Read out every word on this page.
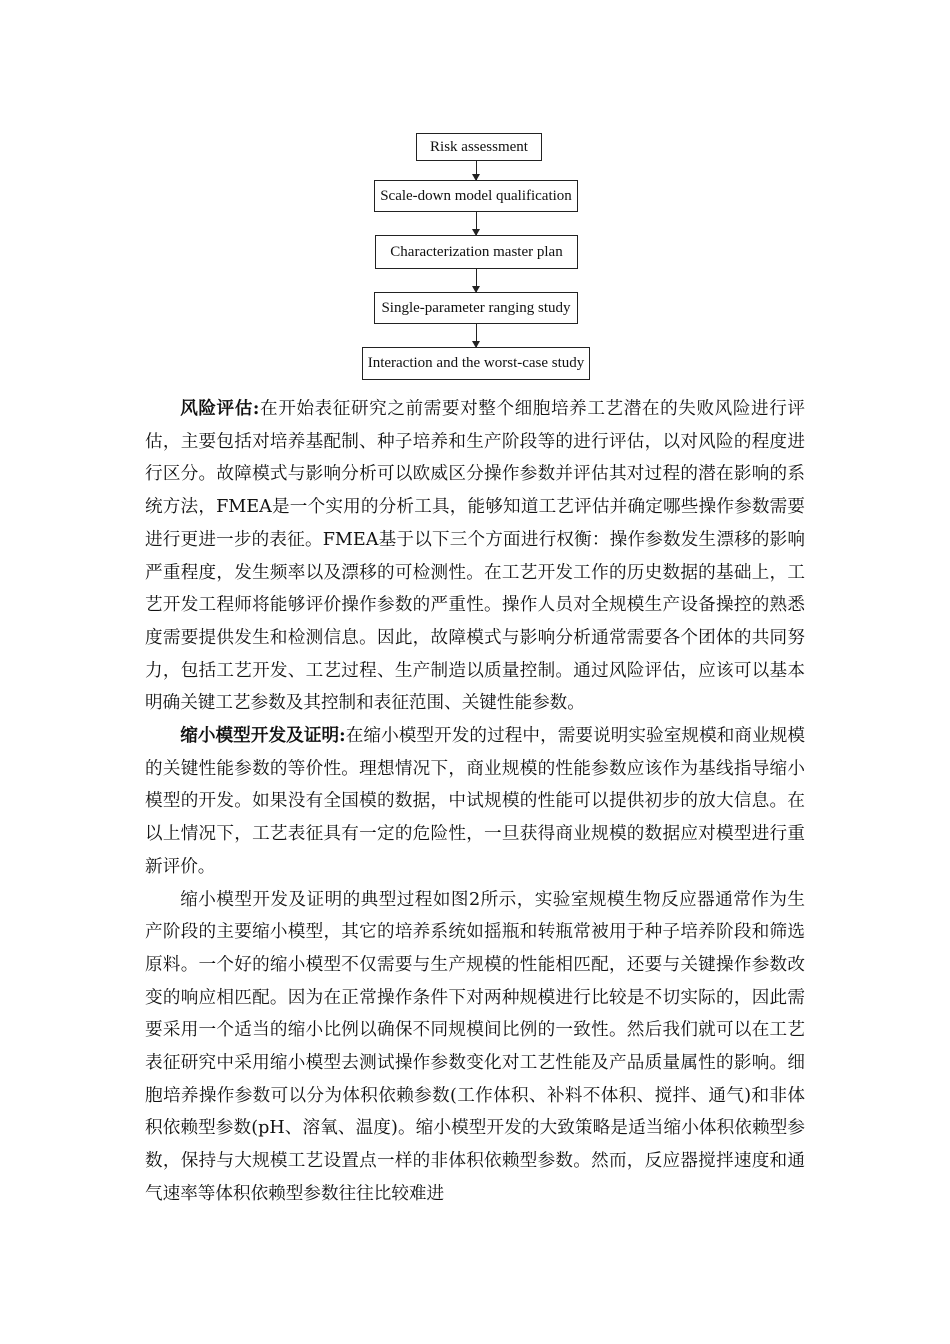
Risk assessment
Scale-down model qualification
Characterization master plan
Single-parameter ranging study
Interaction and the worst-case study

风险评估:在开始表征研究之前需要对整个细胞培养工艺潜在的失败风险进行评估，主要包括对培养基配制、种子培养和生产阶段等的进行评估，以对风险的程度进行区分。故障模式与影响分析可以欧威区分操作参数并评估其对过程的潜在影响的系统方法，FMEA是一个实用的分析工具，能够知道工艺评估并确定哪些操作参数需要进行更进一步的表征。FMEA基于以下三个方面进行权衡：操作参数发生漂移的影响严重程度，发生频率以及漂移的可检测性。在工艺开发工作的历史数据的基础上，工艺开发工程师将能够评价操作参数的严重性。操作人员对全规模生产设备操控的熟悉度需要提供发生和检测信息。因此，故障模式与影响分析通常需要各个团体的共同努力，包括工艺开发、工艺过程、生产制造以质量控制。通过风险评估，应该可以基本明确关键工艺参数及其控制和表征范围、关键性能参数。

缩小模型开发及证明:在缩小模型开发的过程中，需要说明实验室规模和商业规模的关键性能参数的等价性。理想情况下，商业规模的性能参数应该作为基线指导缩小模型的开发。如果没有全国模的数据，中试规模的性能可以提供初步的放大信息。在以上情况下，工艺表征具有一定的危险性，一旦获得商业规模的数据应对模型进行重新评价。

缩小模型开发及证明的典型过程如图2所示，实验室规模生物反应器通常作为生产阶段的主要缩小模型，其它的培养系统如摇瓶和转瓶常被用于种子培养阶段和筛选原料。一个好的缩小模型不仅需要与生产规模的性能相匹配，还要与关键操作参数改变的响应相匹配。因为在正常操作条件下对两种规模进行比较是不切实际的，因此需要采用一个适当的缩小比例以确保不同规模间比例的一致性。然后我们就可以在工艺表征研究中采用缩小模型去测试操作参数变化对工艺性能及产品质量属性的影响。细胞培养操作参数可以分为体积依赖参数(工作体积、补料不体积、搅拌、通气)和非体积依赖型参数(pH、溶氧、温度)。缩小模型开发的大致策略是适当缩小体积依赖型参数，保持与大规模工艺设置点一样的非体积依赖型参数。然而，反应器搅拌速度和通气速率等体积依赖型参数往往比较难进
